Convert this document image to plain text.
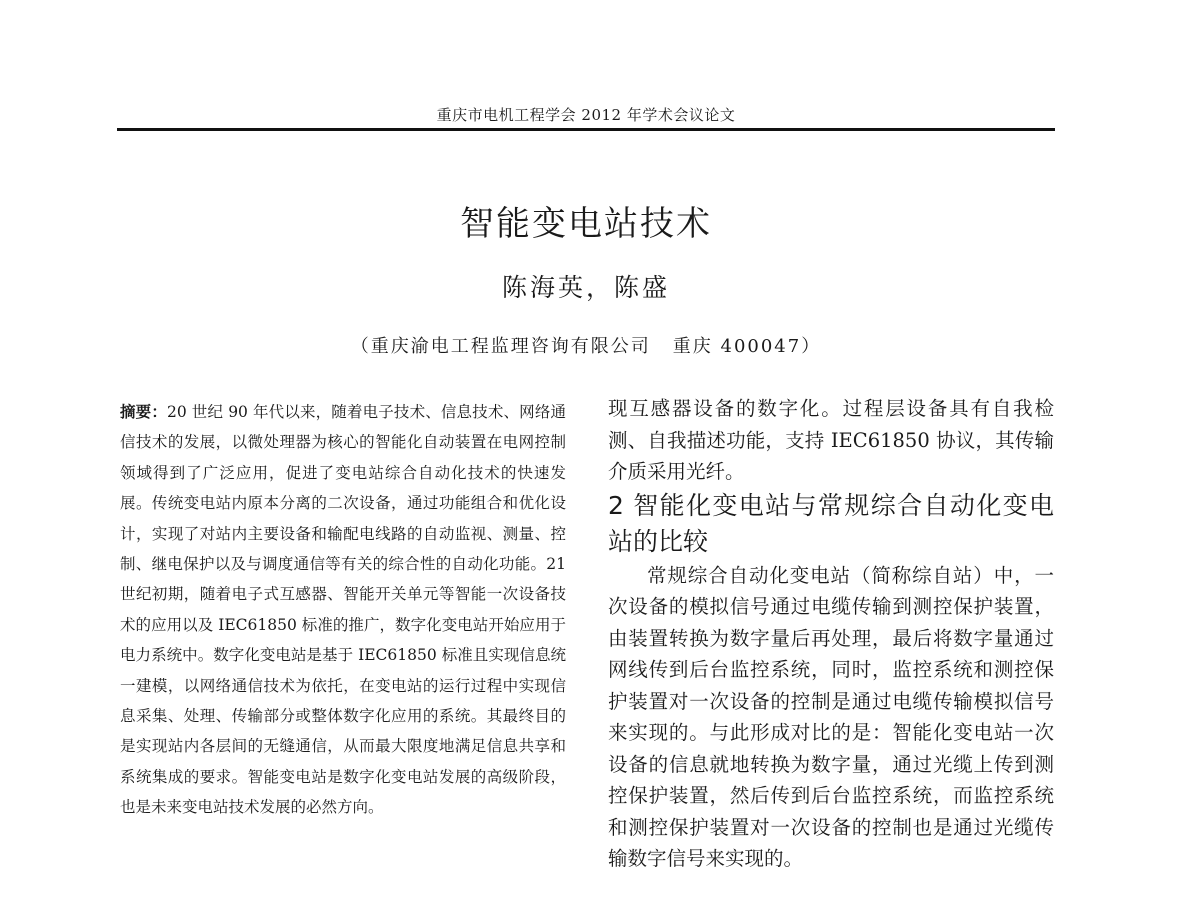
重庆市电机工程学会 2012 年学术会议论文
智能变电站技术
陈海英，陈盛
（重庆渝电工程监理咨询有限公司 重庆 400047）
摘要：20 世纪 90 年代以来，随着电子技术、信息技术、网络通信技术的发展，以微处理器为核心的智能化自动装置在电网控制领域得到了广泛应用，促进了变电站综合自动化技术的快速发展。传统变电站内原本分离的二次设备，通过功能组合和优化设计，实现了对站内主要设备和输配电线路的自动监视、测量、控制、继电保护以及与调度通信等有关的综合性的自动化功能。21 世纪初期，随着电子式互感器、智能开关单元等智能一次设备技术的应用以及 IEC61850 标准的推广，数字化变电站开始应用于电力系统中。数字化变电站是基于 IEC61850 标准且实现信息统一建模，以网络通信技术为依托，在变电站的运行过程中实现信息采集、处理、传输部分或整体数字化应用的系统。其最终目的是实现站内各层间的无缝通信，从而最大限度地满足信息共享和系统集成的要求。智能变电站是数字化变电站发展的高级阶段，也是未来变电站技术发展的必然方向。

现互感器设备的数字化。过程层设备具有自我检测、自我描述功能，支持 IEC61850 协议，其传输介质采用光纤。

2 智能化变电站与常规综合自动化变电站的比较

常规综合自动化变电站（简称综自站）中，一次设备的模拟信号通过电缆传输到测控保护装置，由装置转换为数字量后再处理，最后将数字量通过网线传到后台监控系统，同时，监控系统和测控保护装置对一次设备的控制是通过电缆传输模拟信号来实现的。与此形成对比的是：智能化变电站一次设备的信息就地转换为数字量，通过光缆上传到测控保护装置，然后传到后台监控系统，而监控系统和测控保护装置对一次设备的控制也是通过光缆传输数字信号来实现的。
